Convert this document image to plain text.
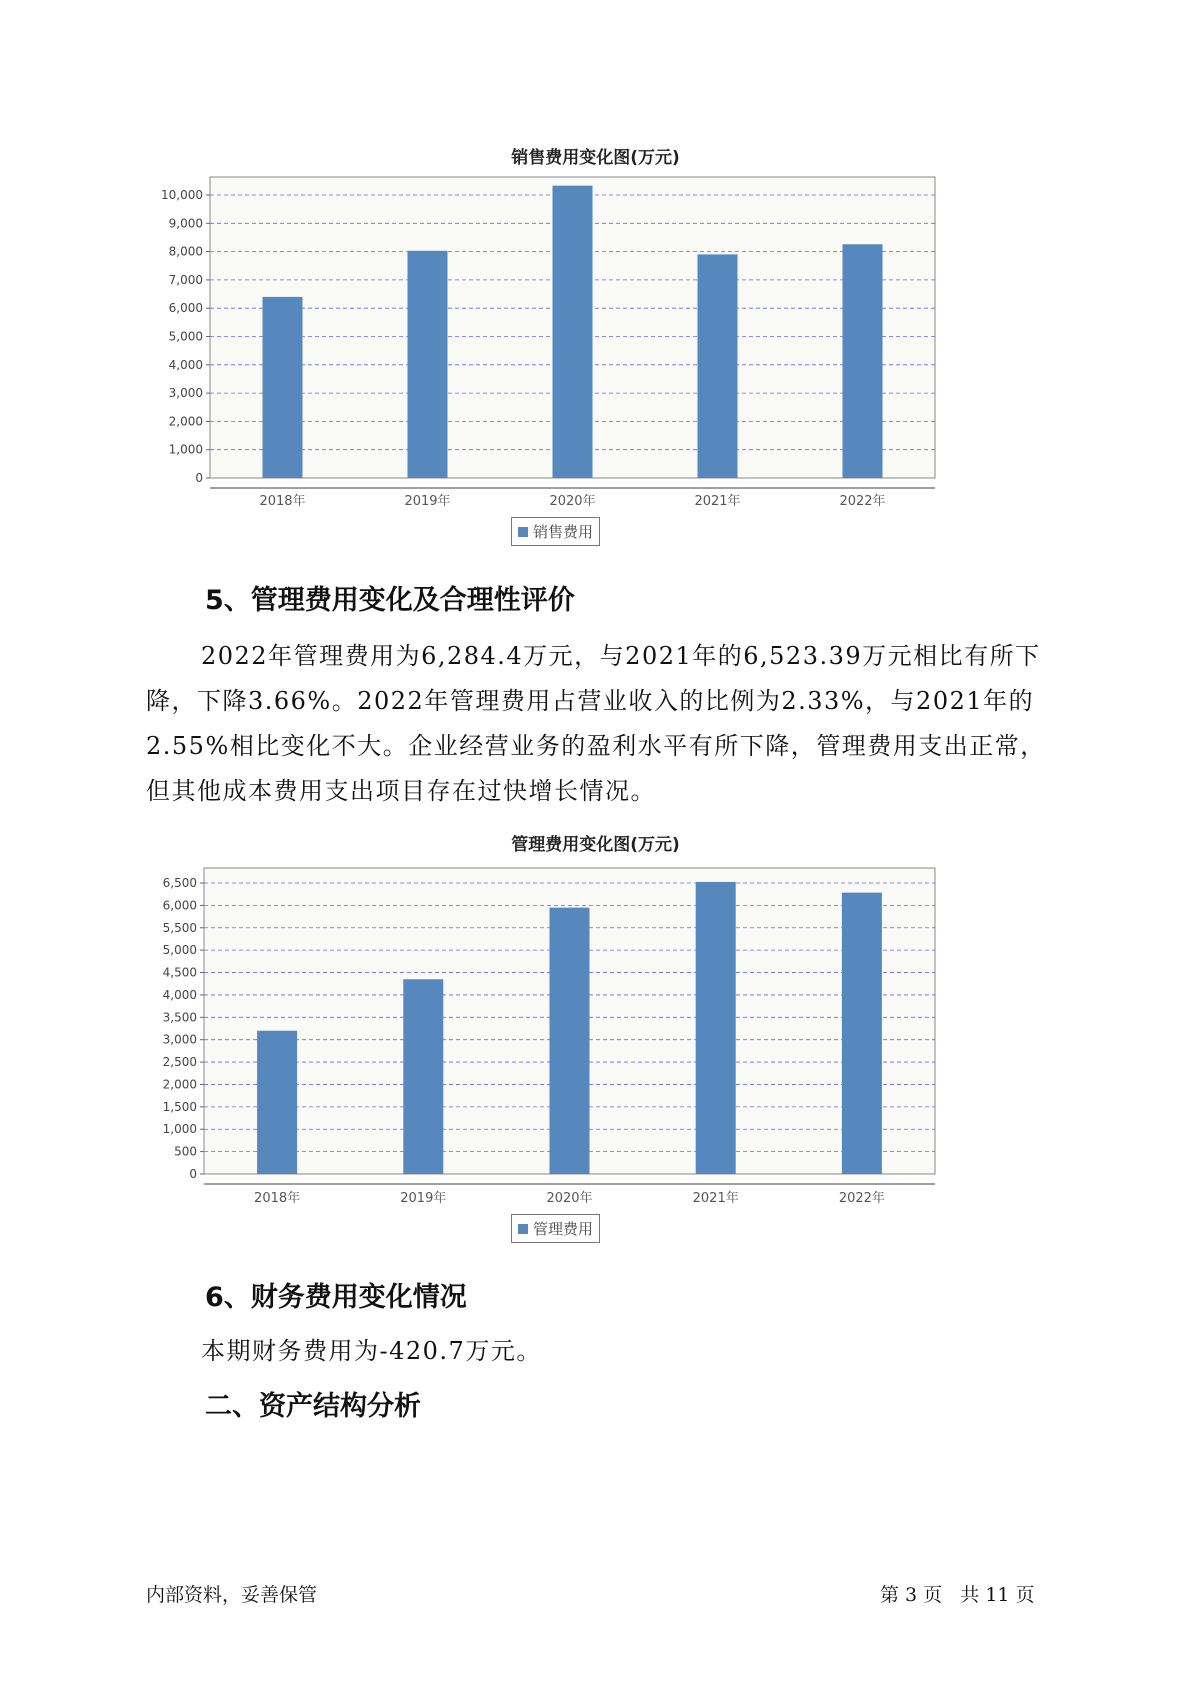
销售费用变化图(万元)
0
1,000
2,000
3,000
4,000
5,000
6,000
7,000
8,000
9,000
10,000
2018年	2019年	2020年	2021年	2022年
销售费用
5、管理费用变化及合理性评价
2022年管理费用为6,284.4万元，与2021年的6,523.39万元相比有所下降，下降3.66%。2022年管理费用占营业收入的比例为2.33%，与2021年的2.55%相比变化不大。企业经营业务的盈利水平有所下降，管理费用支出正常，但其他成本费用支出项目存在过快增长情况。
管理费用变化图(万元)
0
500
1,000
1,500
2,000
2,500
3,000
3,500
4,000
4,500
5,000
5,500
6,000
6,500
2018年	2019年	2020年	2021年	2022年
管理费用
6、财务费用变化情况
本期财务费用为-420.7万元。
二、资产结构分析
内部资料，妥善保管	第 3 页   共 11 页
